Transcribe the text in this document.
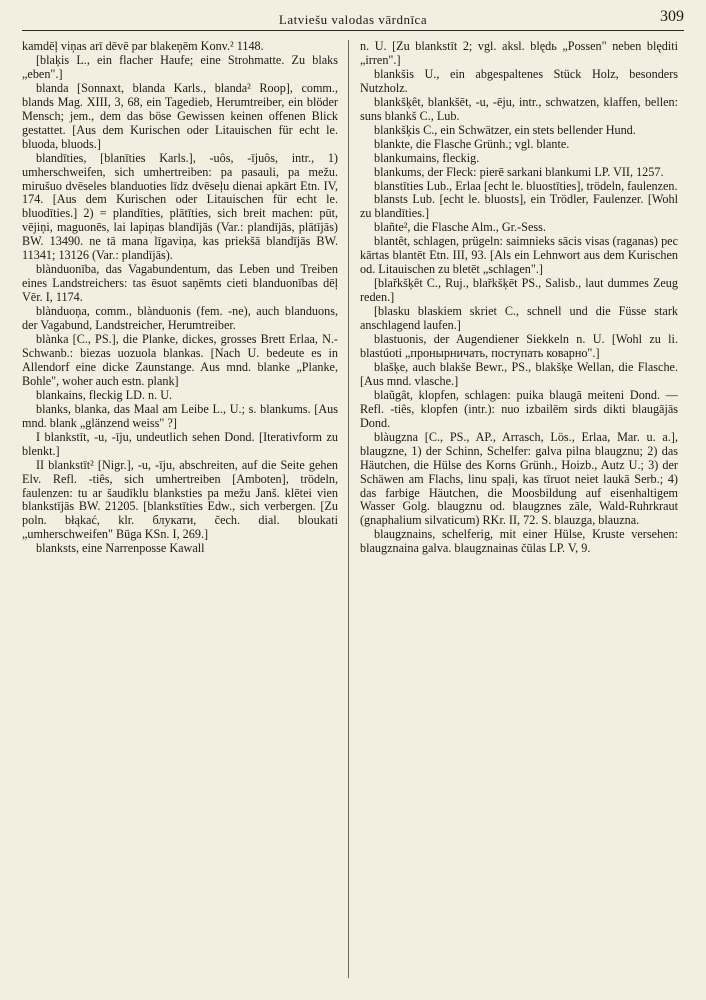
Latviešu valodas vārdnīca	309

kamdēļ viņas arī dēvē par blakeņēm Konv.² 1148.

[blaķis L., ein flacher Haufe; eine Strohmatte. Zu blaks „eben".]

blanda [Sonnaxt, blanda Karls., blanda² Roop], comm., blands Mag. XIII, 3, 68, ein Tagedieb, Herumtreiber, ein blöder Mensch; jem., dem das böse Gewissen keinen offenen Blick gestattet. [Aus dem Kurischen oder Litauischen für echt le. bluoda, bluods.]

blandīties, [blanīties Karls.], -uôs, -ījuôs, intr., 1) umherschweifen, sich umhertreiben: pa pasauli, pa mežu. mirušuo dvēseles blanduoties līdz dvēseļu dienai apkārt Etn. IV, 174. [Aus dem Kurischen oder Litauischen für echt le. bluodīties.] 2) = plandīties, plātīties, sich breit machen: pūt, vējiņi, maguonēs, lai lapiņas blandījās (Var.: plandījās, plātījās) BW. 13490. ne tā mana līgaviņa, kas priekšā blandījās BW. 11341; 13126 (Var.: plandījās).

blànduonība, das Vagabundentum, das Leben und Treiben eines Landstreichers: tas ēsuot saņēmts cieti blanduonības dēļ Vēr. I, 1174.

blànduoņa, comm., blànduonis (fem. -ne), auch blanduons, der Vagabund, Landstreicher, Herumtreiber.

blànka [C., PS.], die Planke, dickes, grosses Brett Erlaa, N.-Schwanb.: biezas uozuola blankas. [Nach U. bedeute es in Allendorf eine dicke Zaunstange. Aus mnd. blanke „Planke, Bohle", woher auch estn. plank]

blankains, fleckig LD. n. U.

blanks, blanka, das Maal am Leibe L., U.; s. blankums. [Aus mnd. blank „glänzend weiss" ?]

I blankstīt, -u, -īju, undeutlich sehen Dond. [Iterativform zu blenkt.]

II blankstīt² [Nigr.], -u, -īju, abschreiten, auf die Seite gehen Elv. Refl. -tiês, sich umhertreiben [Amboten], trödeln, faulenzen: tu ar šaudīklu blanksties pa mežu Janš. klētei vien blankstījās BW. 21205. [blankstīties Edw., sich verbergen. [Zu poln. błąkać, klr. блукати, čech. dial. bloukati „umherschweifen" Būga KSn. I, 269.]

blanksts, eine Narrenposse Kawall

n. U. [Zu blankstīt 2; vgl. aksl. blędь „Possen" neben blęditi „irren".]

blankšis U., ein abgespaltenes Stück Holz, besonders Nutzholz.

blankšķêt, blankšēt, -u, -ēju, intr., schwatzen, klaffen, bellen: suns blankš C., Lub.

blankšķis C., ein Schwätzer, ein stets bellender Hund.

blankte, die Flasche Grünh.; vgl. blante.

blankumains, fleckig.

blankums, der Fleck: pierē sarkani blankumi LP. VII, 1257.

blanstīties Lub., Erlaa [echt le. bluostīties], trödeln, faulenzen.

blansts Lub. [echt le. bluosts], ein Trödler, Faulenzer. [Wohl zu blandīties.]

blañte², die Flasche Alm., Gr.-Sess.

blantêt, schlagen, prügeln: saimnieks sācis visas (raganas) pec kārtas blantēt Etn. III, 93. [Als ein Lehnwort aus dem Kurischen od. Litauischen zu bletēt „schlagen".]

[blařkšķêt C., Ruj., blařkšķēt PS., Salisb., laut dummes Zeug reden.]

[blasku blaskiem skriet C., schnell und die Füsse stark anschlagend laufen.]

blastuonis, der Augendiener Siekkeln n. U. [Wohl zu li. blastúoti „пронырничать, поступать коварно".]

blašķe, auch blakše Bewr., PS., blakšķe Wellan, die Flasche. [Aus mnd. vlasche.]

blaũgât, klopfen, schlagen: puika blaugā meiteni Dond. — Refl. -tiês, klopfen (intr.): nuo izbailēm sirds dikti blaugājās Dond.

blàugzna [C., PS., AP., Arrasch, Lös., Erlaa, Mar. u. a.], blaugzne, 1) der Schinn, Schelfer: galva pilna blaugznu; 2) das Häutchen, die Hülse des Korns Grünh., Hoizb., Autz U.; 3) der Schäwen am Flachs, linu spaļi, kas tīruot neiet laukā Serb.; 4) das farbige Häutchen, die Moosbildung auf eisenhaltigem Wasser Golg. blaugznu od. blaugznes zāle, Wald-Ruhrkraut (gnaphalium silvaticum) RKr. II, 72. S. blauzga, blauzna.

blaugznains, schelferig, mit einer Hülse, Kruste versehen: blaugznaina galva. blaugznainas čūlas LP. V, 9.
